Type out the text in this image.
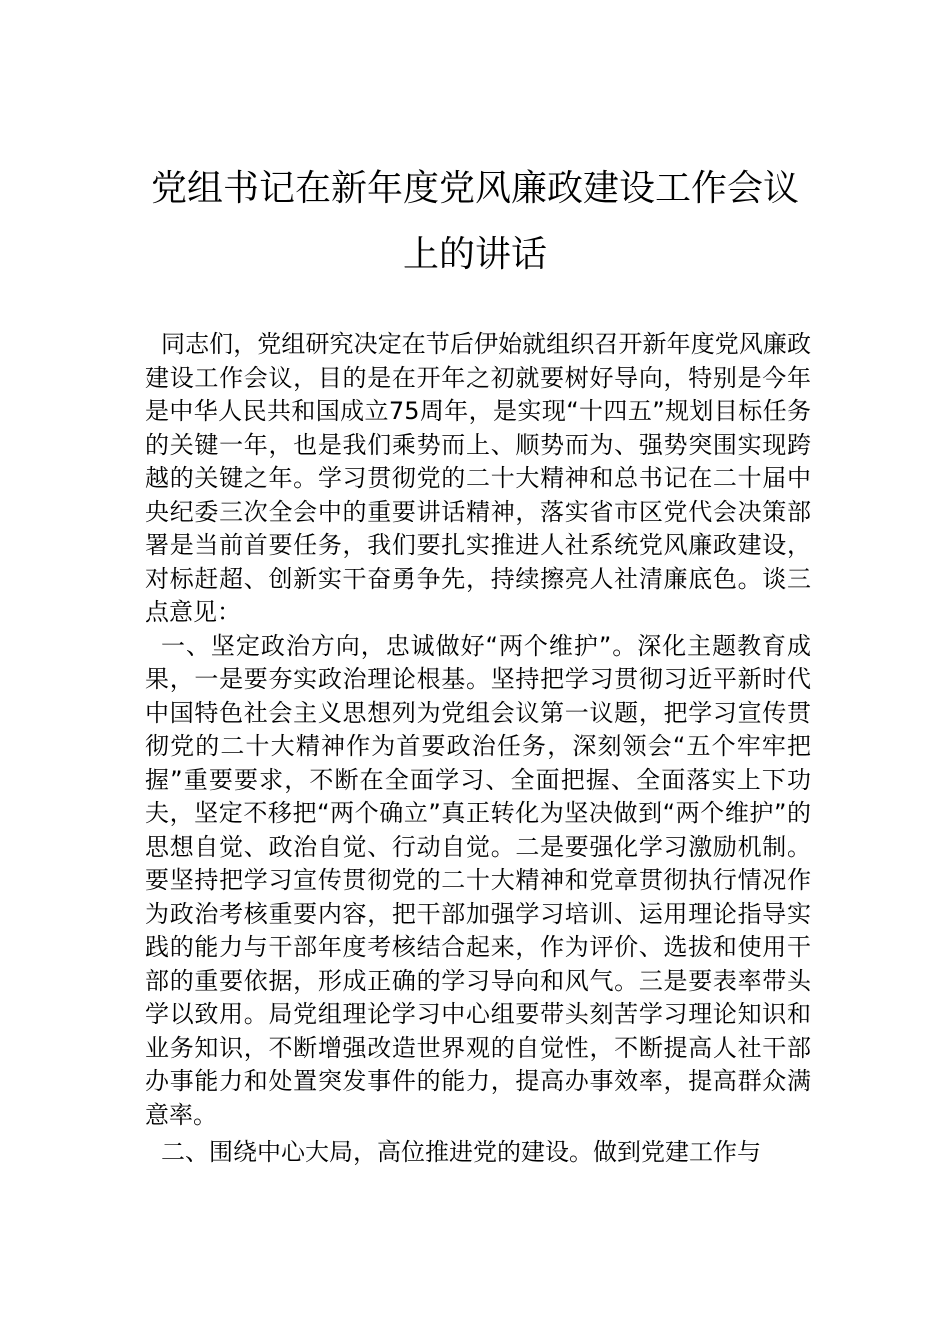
党组书记在新年度党风廉政建设工作会议
上的讲话

同志们，党组研究决定在节后伊始就组织召开新年度党风廉政建设工作会议，目的是在开年之初就要树好导向，特别是今年是中华人民共和国成立75周年，是实现“十四五”规划目标任务的关键一年，也是我们乘势而上、顺势而为、强势突围实现跨越的关键之年。学习贯彻党的二十大精神和总书记在二十届中央纪委三次全会中的重要讲话精神，落实省市区党代会决策部署是当前首要任务，我们要扎实推进人社系统党风廉政建设，对标赶超、创新实干奋勇争先，持续擦亮人社清廉底色。谈三点意见：

一、坚定政治方向，忠诚做好“两个维护”。深化主题教育成果，一是要夯实政治理论根基。坚持把学习贯彻习近平新时代中国特色社会主义思想列为党组会议第一议题，把学习宣传贯彻党的二十大精神作为首要政治任务，深刻领会“五个牢牢把握”重要要求，不断在全面学习、全面把握、全面落实上下功夫，坚定不移把“两个确立”真正转化为坚决做到“两个维护”的思想自觉、政治自觉、行动自觉。二是要强化学习激励机制。要坚持把学习宣传贯彻党的二十大精神和党章贯彻执行情况作为政治考核重要内容，把干部加强学习培训、运用理论指导实践的能力与干部年度考核结合起来，作为评价、选拔和使用干部的重要依据，形成正确的学习导向和风气。三是要表率带头学以致用。局党组理论学习中心组要带头刻苦学习理论知识和业务知识，不断增强改造世界观的自觉性，不断提高人社干部办事能力和处置突发事件的能力，提高办事效率，提高群众满意率。

二、围绕中心大局，高位推进党的建设。做到党建工作与
